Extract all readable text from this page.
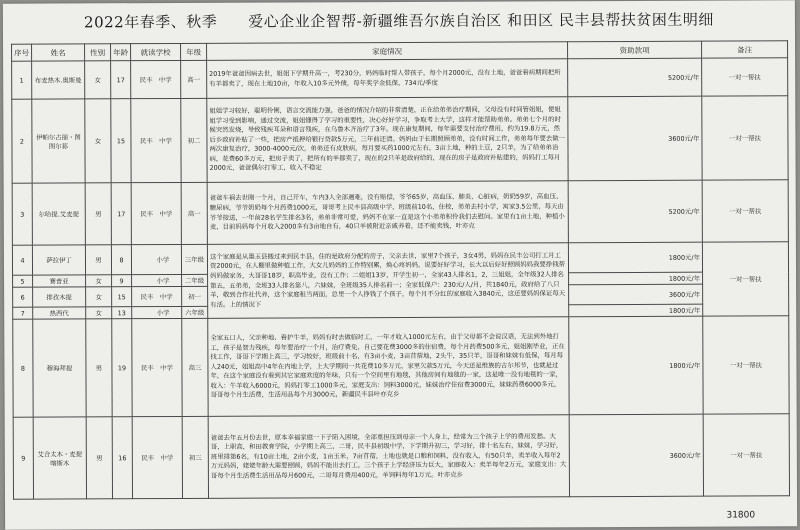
2022年春季、秋季　　爱心企业企智帮-新疆维吾尔族自治区 和田区 民丰县帮扶贫困生明细
序号	姓名	性别	年龄	就读学校	年级	家庭情况	资助款项	备注
1	布麦热木.奥斯曼	女	17	民丰　中学	高一	2019年爸爸因病去世，姐姐下学期升高一，考230分，妈妈临时帮人带孩子，每个月2000元，没有土地，爸爸看病期间把所有羊都卖了，现在土地10亩，年收入10多元外债，每年奖学金低保，734元/季度	5200元/年	一对一帮扶
2	伊帕尔古丽・图图尔荪	女	15	民丰　中学	初二	姐姐学习较好，聪明伶俐，语言交流能力强，爸爸的情况介绍的非常清楚，正在给弟弟治疗期间，父母没有时间管姐姐，使姐姐学习受到影响，通过交流，姐姐懂得了学习的重要性，决心好好学习，争取考上大学，这样才能帮助弟弟。弟弟七个月的时候突然发烧，导致残疾耳朵和语言残疾，在乌鲁木齐治疗了3年。现在康复期间，每年需要支付治疗费用，约为19.8万元，然后乡政府补贴了一些，把房产抵押给银行贷款5万元，三年前还清。妈妈由于长期照顾弟弟，没有时间工作，弟弟每年要去做一两次康复治疗，3000-4000元/次，弟弟还有皮肤病，每月要买药1000元左右，3亩土地，种的土豆，2只羊，为了给弟弟治病，花费60多万元，把房子卖了，把所有的羊都卖了，现在的2只羊是政府给的，现在的房子是政府补贴建的，妈妈打工每月2000元，爸爸偶尔打零工，收入不稳定	3600元/年	一对一帮扶
3	尔哈提.艾麦提	男	17	民丰　中学	高一	爸爸车祸去世刚一个月，自己开车，车内3人全部遇难，没有赔偿，爷爷65岁，高血压、肺炎、心脏病，奶奶59岁，高血压、糖尿病，爷爷奶奶每个月药费1000元，哥哥考上民丰县高级中学，班级前10名，住校，弟弟去村小学，寓家3.5公里，每天由爷爷接送，一年前28名学生排名3名，弟弟非常可爱，妈妈不在家一直是这个小弟弟积伶我们去慰问。家里有1亩土地，种植小麦，目前妈妈每个月收入2000多有3亩地自有，40只羊被附近亲戚养着，还不能卖钱，叶亦克	5200元/年	一对一帮扶
4	萨拉伊丁	男	8	　　小学	三年级	这个家庭是从墨玉县搬过来到民丰县，住的是政府分配的房子，父亲去世，家里7个孩子，3女4男，妈妈在民丰公司打工月工资2000元，在人棚里做种植工作，大女儿妈妈的工作特别累，焕心疼妈妈，说要好好学习，长大以后好好照顾妈妈我要挣钱帮妈妈做家务，大哥哥18岁，职高毕业，没有工作；二姐姐13岁，开学生初一，全家43人排名1，2，三姐姐，全年级32人排名第五，五弟弟，全班33人排名第八，六妹妹，全班级35人排名前一；全家低保户：230元/人/月，共1840元，政府给了八只羊，敬到合作社代养，这个家庭租当两面，总里一个人挣钱了个孩子，每个月不分红的家庭收入3840元，这还要妈妈保证每天有活。上的情况下	1800元/年	一对一帮扶
5	赛普亚	女	9	　　小学	二年级		1800元/年	
6	排孜木提	女	15	民丰　中学	初一		3600元/年	
7	热西代	女	13	　　小学	六年级		1800元/年	
8	穆海拜提	男	19	民丰　中学	高三	全家五口人，父亲种地、看护牛羊，妈妈有时去做临时工，一年才收入1000元左右，由于父母都不会说汉语，无法到外地打工，孩子是智力残疾，每年要治疗一个月，治疗费免，自己要花费3000多的住宿费，每个月药费500多元，姐姐刚毕业，正在找工作，哥哥下学期上高三，学习较好，班级前十名，有3亩小麦，3亩苜蓿地，2头牛，35只羊，哥哥和妹妹有低保，每月每人240元，姐姐高中4年在内地上学，上大学期间一共花费10多万元，家里欠款5万元，今天还是维族的古尔邦节，也就是过年，在这个家庭没有看到其它家庭欢度的年味，只有一个空间里有地毯，其他房间有地毯的一家，这是唯一没有地毯的一家，收入：牛羊收入6000元，妈妈打零工1000多元，家庭支出：饲料3000元，妹妹治疗住宿费3000元，妹妹药费6000多元，哥哥每个月生活费，生活用品每个月3000元，新疆民丰县叶亦克乡	1800元/年	一对一帮扶
9	艾合太木・麦提喀斯木	男	16	民丰　中学	初三	爸爸去年五月份去世，原本幸福家庭一下子陷入困境，全部重担压到母亲一个人身上，经常为三个孩子上学的费用发愁。大哥，上职高，和田教育学院，小学期上高三，二哥，民丰县初级中学，下学期升初三，学习好，排十名左右，妹妹，学习好，班里排第6名，有10亩土地，2亩小麦，1亩玉米，7亩苜蓿，土地也就是口粮和饲料，没有收入，有50只羊，卖羊收入每年2万元妈妈，姥姥年龄大需要照顾，妈妈不能出去打工，三个孩子上学经济压力巨大，家庭收入：卖羊每年2万元，家庭支出：大哥每个月生活费生活用品每月600元，二哥每月费用400元，羊饲料每年1万元。叶亦克乡	3600元/年	一对一帮扶
31800
